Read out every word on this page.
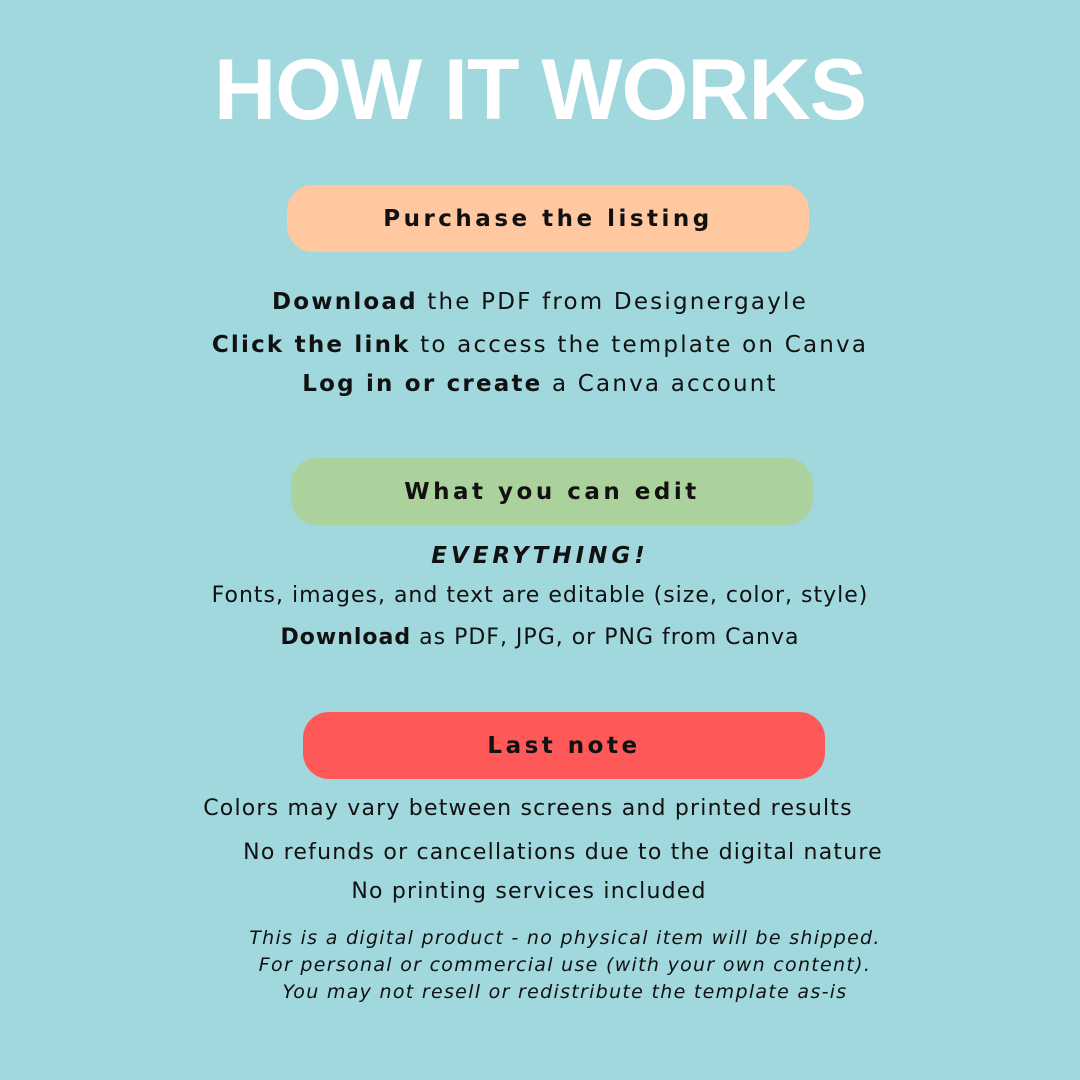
HOW IT WORKS
Purchase the listing
Download the PDF from Designergayle
Click the link to access the template on Canva
Log in or create a Canva account
What you can edit
EVERYTHING!
Fonts, images, and text are editable (size, color, style)
Download as PDF, JPG, or PNG from Canva
Last note
Colors may vary between screens and printed results
No refunds or cancellations due to the digital nature
No printing services included
This is a digital product - no physical item will be shipped.
For personal or commercial use (with your own content).
You may not resell or redistribute the template as-is
